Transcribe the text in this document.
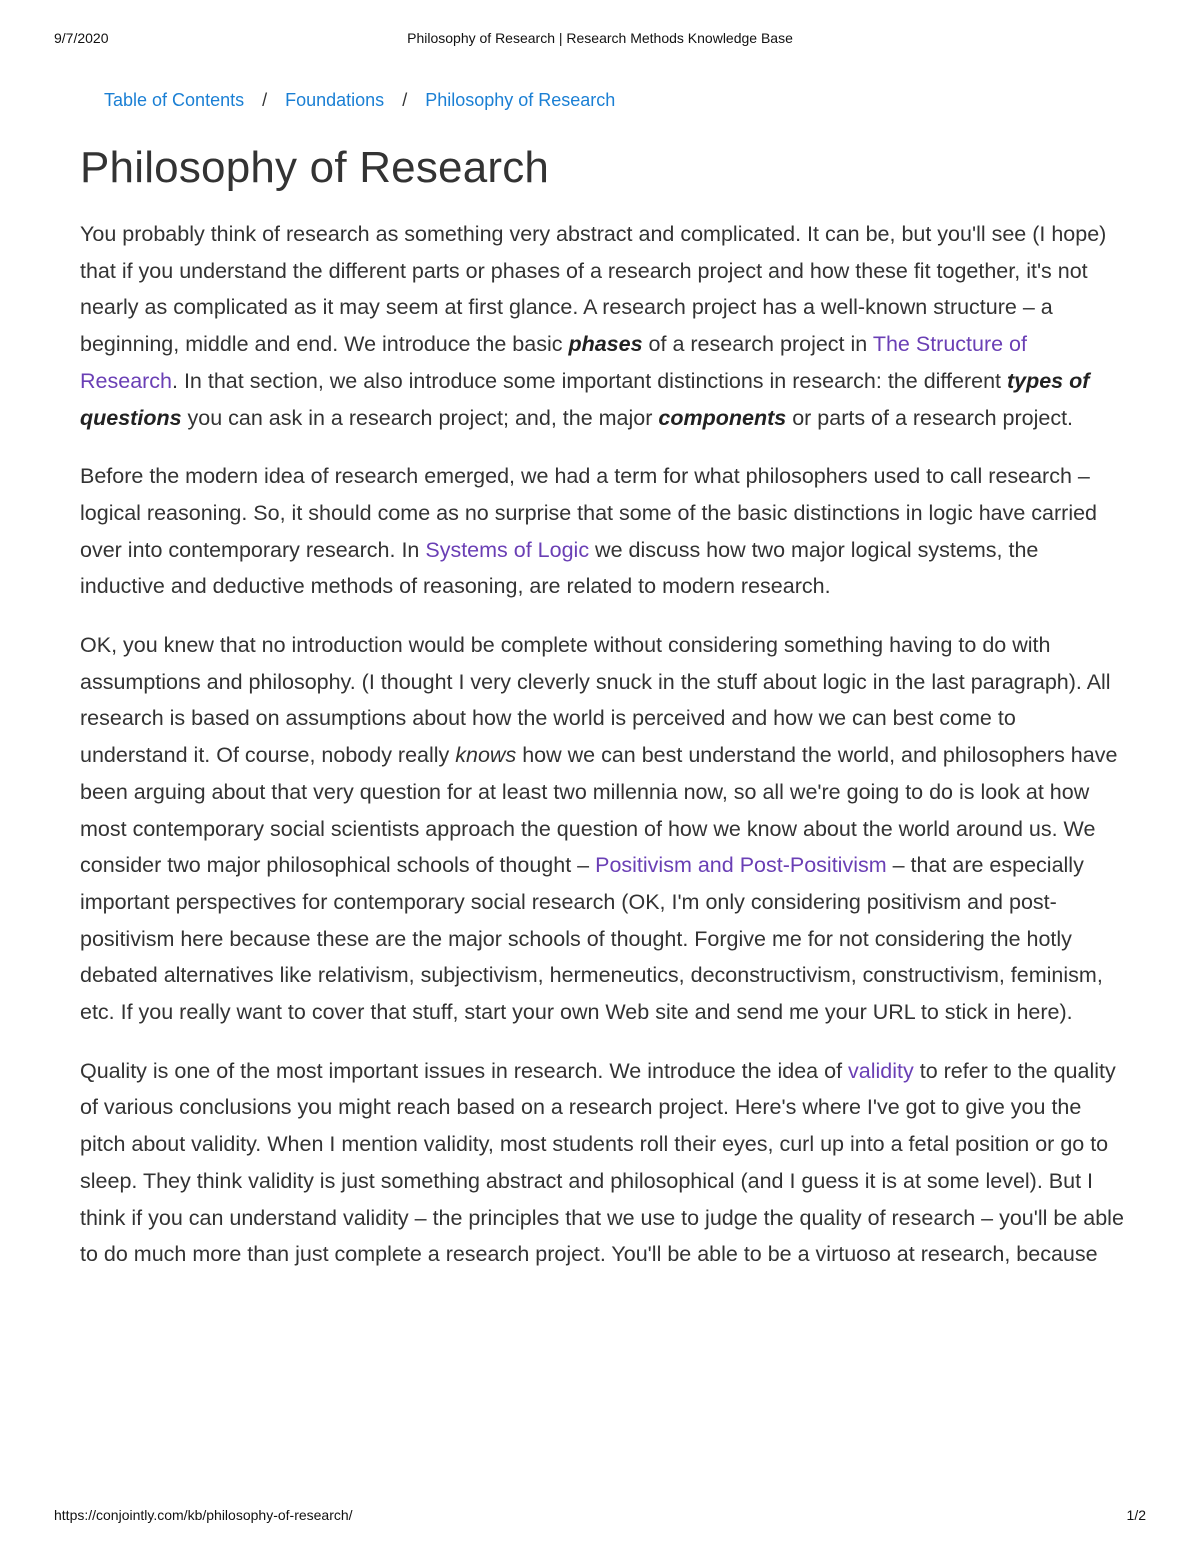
9/7/2020	Philosophy of Research | Research Methods Knowledge Base
Table of Contents / Foundations / Philosophy of Research
Philosophy of Research

You probably think of research as something very abstract and complicated. It can be, but you'll see (I hope) that if you understand the different parts or phases of a research project and how these fit together, it's not nearly as complicated as it may seem at first glance. A research project has a well-known structure – a beginning, middle and end. We introduce the basic phases of a research project in The Structure of Research. In that section, we also introduce some important distinctions in research: the different types of questions you can ask in a research project; and, the major components or parts of a research project.

Before the modern idea of research emerged, we had a term for what philosophers used to call research – logical reasoning. So, it should come as no surprise that some of the basic distinctions in logic have carried over into contemporary research. In Systems of Logic we discuss how two major logical systems, the inductive and deductive methods of reasoning, are related to modern research.

OK, you knew that no introduction would be complete without considering something having to do with assumptions and philosophy. (I thought I very cleverly snuck in the stuff about logic in the last paragraph). All research is based on assumptions about how the world is perceived and how we can best come to understand it. Of course, nobody really knows how we can best understand the world, and philosophers have been arguing about that very question for at least two millennia now, so all we're going to do is look at how most contemporary social scientists approach the question of how we know about the world around us. We consider two major philosophical schools of thought – Positivism and Post-Positivism – that are especially important perspectives for contemporary social research (OK, I'm only considering positivism and post-positivism here because these are the major schools of thought. Forgive me for not considering the hotly debated alternatives like relativism, subjectivism, hermeneutics, deconstructivism, constructivism, feminism, etc. If you really want to cover that stuff, start your own Web site and send me your URL to stick in here).

Quality is one of the most important issues in research. We introduce the idea of validity to refer to the quality of various conclusions you might reach based on a research project. Here's where I've got to give you the pitch about validity. When I mention validity, most students roll their eyes, curl up into a fetal position or go to sleep. They think validity is just something abstract and philosophical (and I guess it is at some level). But I think if you can understand validity – the principles that we use to judge the quality of research – you'll be able to do much more than just complete a research project. You'll be able to be a virtuoso at research, because

https://conjointly.com/kb/philosophy-of-research/	1/2
